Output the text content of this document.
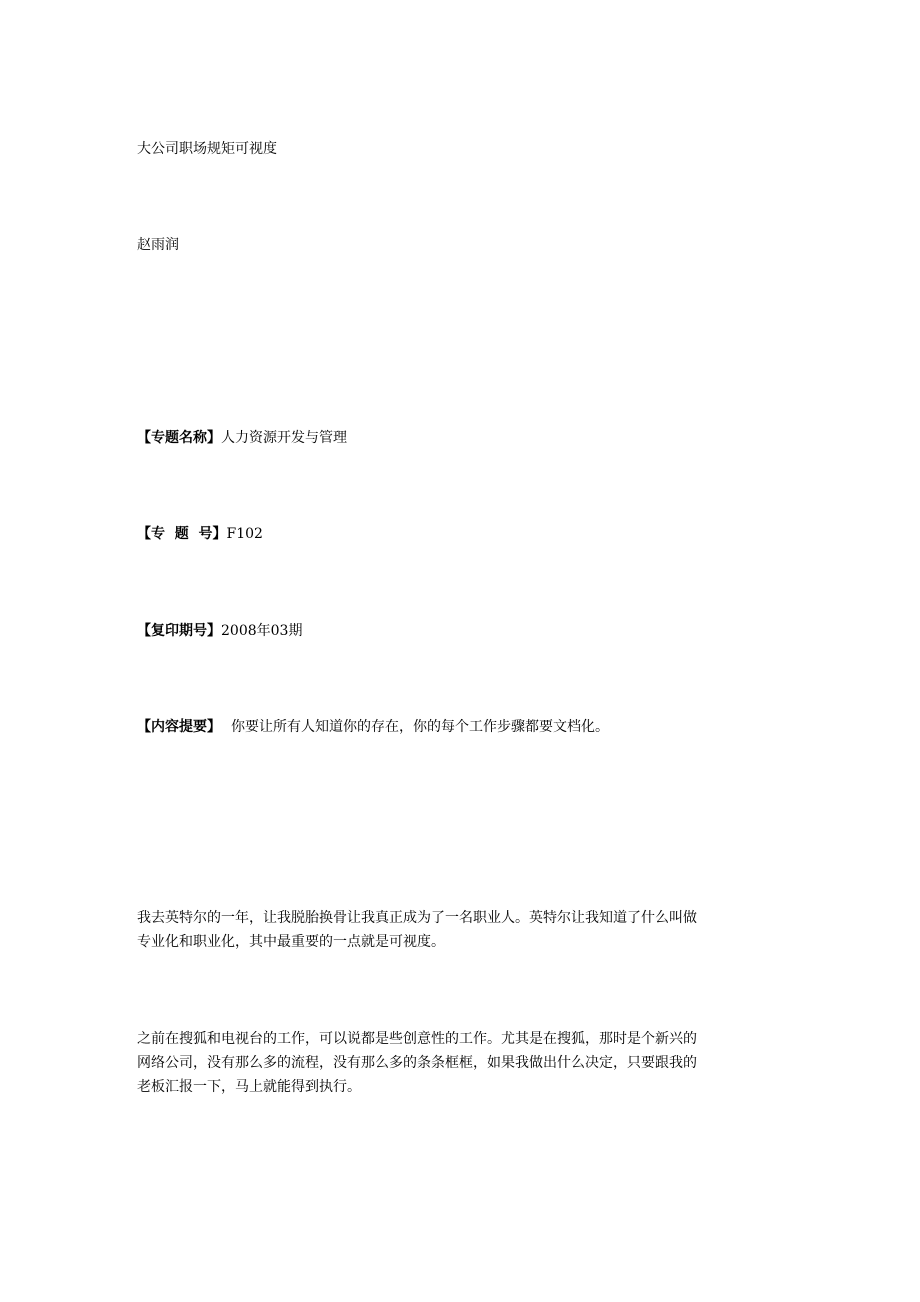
大公司职场规矩可视度
赵雨润
【专题名称】人力资源开发与管理
【专  题  号】F102
【复印期号】2008年03期
【内容提要】 你要让所有人知道你的存在，你的每个工作步骤都要文档化。
我去英特尔的一年，让我脱胎换骨让我真正成为了一名职业人。英特尔让我知道了什么叫做
专业化和职业化，其中最重要的一点就是可视度。
之前在搜狐和电视台的工作，可以说都是些创意性的工作。尤其是在搜狐，那时是个新兴的
网络公司，没有那么多的流程，没有那么多的条条框框，如果我做出什么决定，只要跟我的
老板汇报一下，马上就能得到执行。
